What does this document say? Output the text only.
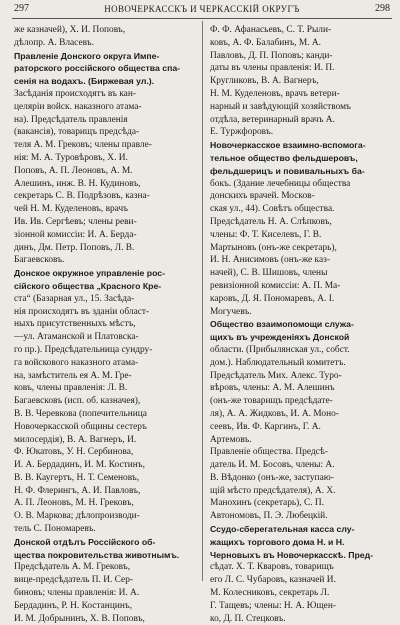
297	НОВОЧЕРКАССКЪ И ЧЕРКАССКІЙ ОКРУГЪ	298
же казначей), Х. И. Поповъ,
дѣлопр. А. Власевъ.
Правленіе Донского округа Импе-
раторского россійского общества спа-
сенія на водахъ. (Биржевая ул.).
Засѣданія происходятъ въ кан-
целяріи войск. наказного атама-
на). Предсѣдатель правленія
(вакансія), товарищъ предсѣда-
теля А. М. Грековъ; члены правле-
нія: М. А. Туровѣровъ, Х. И.
Поповъ, А. П. Леоновъ, А. М.
Алешинъ, инж. В. Н. Кудиновъ,
секретарь С. В. Подрѣзовъ, казна-
чей Н. М. Куделеновъ, врачъ
Ив. Ив. Сергѣевъ; члены реви-
зіонной комиссіи: И. А. Берда-
динъ, Дм. Петр. Поповъ, Л. В.
Багаевсковъ.
Донское окружное управленіе рос-
сійского общества „Красного Кре-
ста“ (Базарная ул., 15. Засѣда-
нія происходятъ въ зданіи област-
ныхъ присутственныхъ мѣстъ,
—ул. Атаманской и Платовска-
го пр.). Предсѣдательница сундру-
га войскового наказного атама-
на, замѣститель ея А. М. Гре-
ковъ, члены правленія: Л. В.
Багаевсковъ (исп. об. казначея),
В. В. Черевкова (попечительница
Новочеркасской общины сестеръ
милосердія), В. А. Вагнеръ, И.
Ф. Юкатовъ, У. Н. Сербинова,
И. А. Бердадинъ, И. М. Костинъ,
В. В. Каугертъ, Н. Т. Семеновъ,
Н. Ф. Флерингъ, А. И. Павловъ,
А. П. Леоновъ, М. Н. Грековъ,
О. В. Маркова; дѣлопроизводи-
тель С. Пономаревъ.
Донской отдѣлъ Россійского об-
щества покровительства животнымъ.
Предсѣдатель А. М. Грековъ,
вице-предсѣдатель П. И. Сер-
биновъ; члены правленія: И. А.
Бердадинъ, Р. Н. Костанцинъ,
И. М. Добрынинъ, Х. В. Поповъ,
Ф. Ф. Афанасьевъ, С. Т. Рыли-
ковъ, А. Ф. Балабинъ, М. А.
Павловъ, Д. П. Поповъ; канди-
даты въ члены правленія: И. П.
Кругликовъ, В. А. Вагнеръ,
Н. М. Куделеновъ, врачъ ветери-
нарный и завѣдующій хозяйствомъ
отдѣла, ветеринарный врачъ А.
Е. Туржфоровъ.
Новочеркасское взаимно-вспомога-
тельное общество фельдшеровъ,
фельдшерицъ и повивальныхъ ба-
бокъ. (Здание лечебницы общества
донскихъ врачей. Москов-
ская ул., 44). Совѣтъ общества.
Предсѣдатель Н. А. Слѣпковъ,
члены: Ф. Т. Киселевъ, Г. В.
Мартыновъ (онъ-же секретарь),
И. Н. Анисимовъ (онъ-же каз-
начей), С. В. Шишовъ, члены
ревизіонной комиссіи: А. П. Ма-
каровъ, Д. Я. Пономаревъ, А. І.
Могучевъ.
Общество взаимопомощи служа-
щихъ въ учрежденіяхъ Донской
области. (Прибылянская ул., собст.
дом.). Наблюдательный комитетъ.
Предсѣдатель Мих. Алекс. Туро-
вѣровъ, члены: А. М. Алешинъ
(онъ-же товарищъ предсѣдате-
ля), А. А. Жидковъ, И. А. Моно-
сеевъ, Ив. Ф. Каргинъ, Г. А.
Артемовъ.
Правленіе общества. Предсѣ-
датель И. М. Босовъ, члены: А.
В. Вѣдонко (онъ-же, заступаю-
щій мѣсто предсѣдателя), А. Х.
Манохинъ (секретарь), С. П.
Автономовъ, П. Э. Любецкій.
Ссудо-сберегательная касса слу-
жащихъ торгового дома Н. и Н.
Черновыхъ въ Новочеркасскѣ. Пред-
сѣдат. Х. Т. Кваровъ, товарищъ
его Л. С. Чубаровъ, казначей И.
М. Колесниковъ, секретарь Л.
Г. Тащевъ; члены: Н. А. Ющен-
ко, Д. П. Стецковъ.
